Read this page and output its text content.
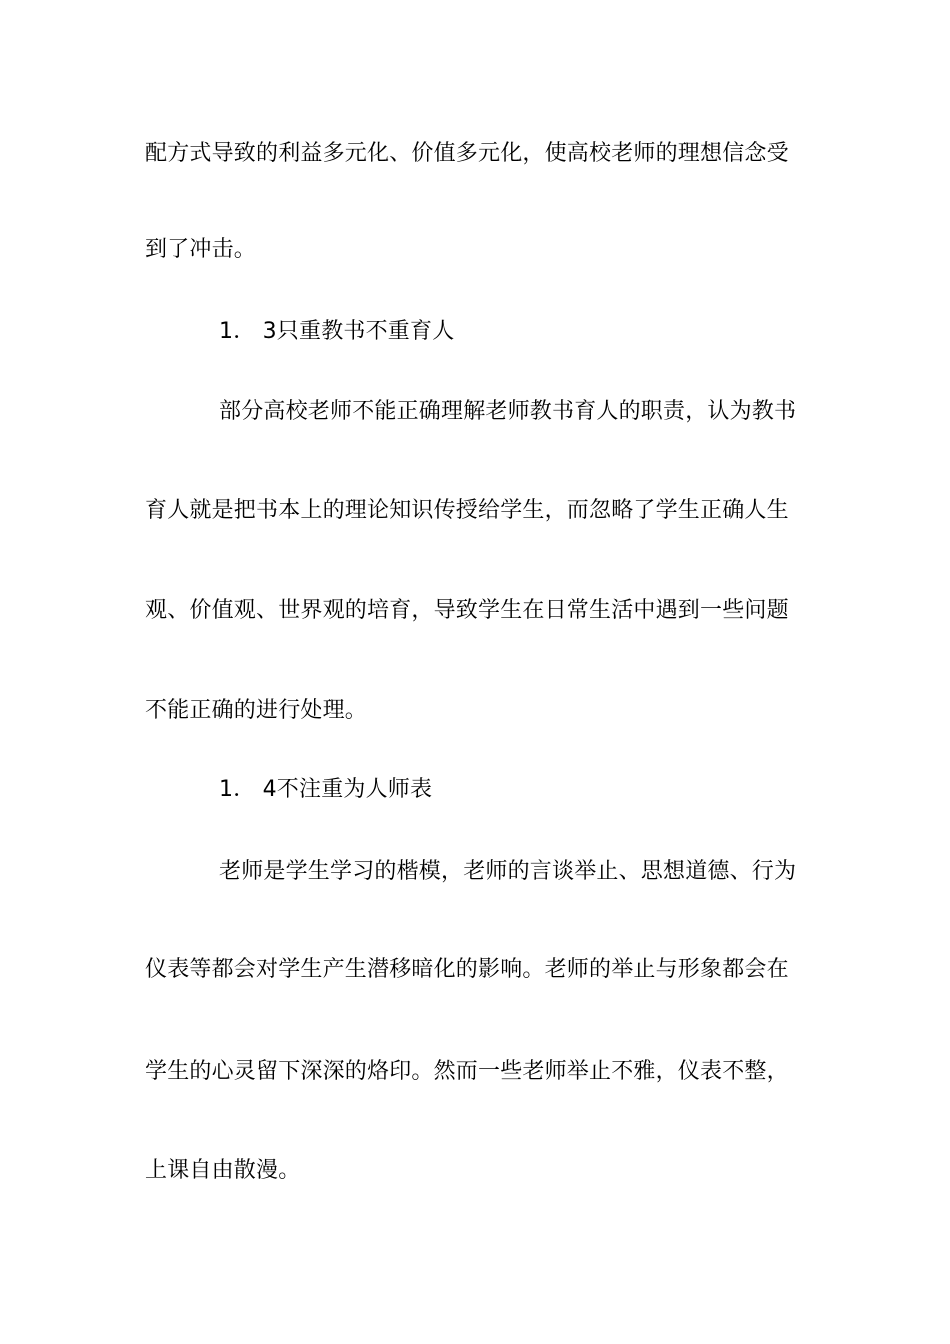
配方式导致的利益多元化、价值多元化，使高校老师的理想信念受
到了冲击。
1． 3只重教书不重育人
部分高校老师不能正确理解老师教书育人的职责，认为教书
育人就是把书本上的理论知识传授给学生，而忽略了学生正确人生
观、价值观、世界观的培育，导致学生在日常生活中遇到一些问题
不能正确的进行处理。
1． 4不注重为人师表
老师是学生学习的楷模，老师的言谈举止、思想道德、行为
仪表等都会对学生产生潜移暗化的影响。老师的举止与形象都会在
学生的心灵留下深深的烙印。然而一些老师举止不雅，仪表不整，
上课自由散漫。
